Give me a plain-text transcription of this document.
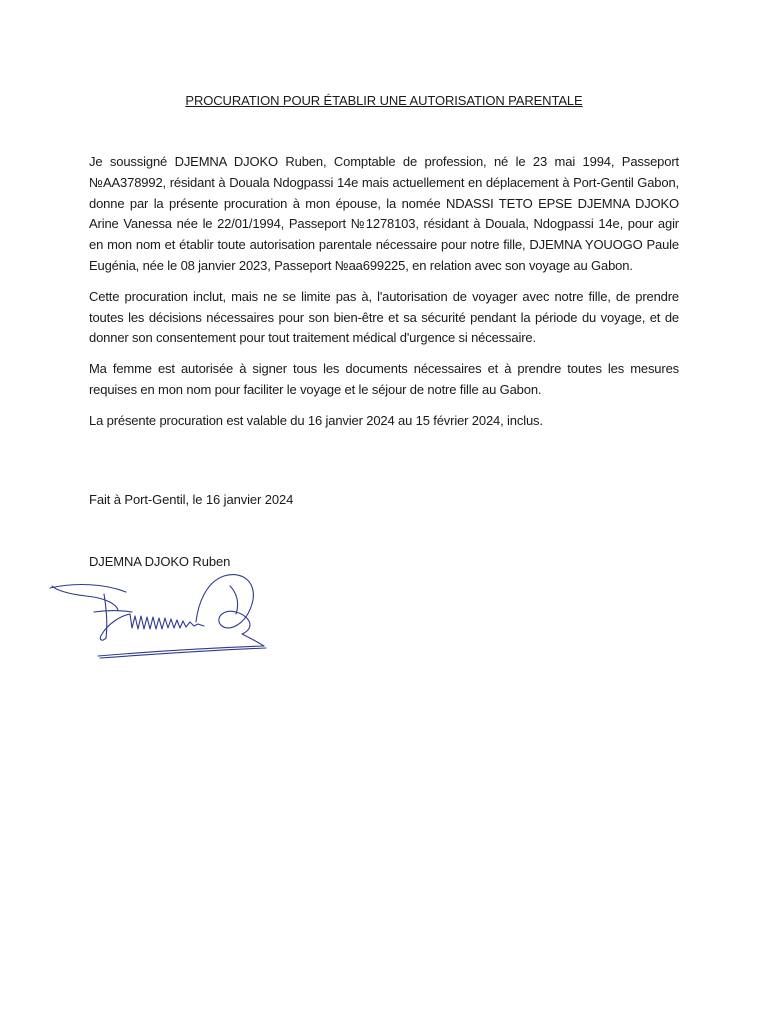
PROCURATION POUR ÉTABLIR UNE AUTORISATION PARENTALE

Je soussigné DJEMNA DJOKO Ruben, Comptable de profession, né le 23 mai 1994, Passeport №AA378992, résidant à Douala Ndogpassi 14e mais actuellement en déplacement à Port-Gentil Gabon, donne par la présente procuration à mon épouse, la nomée NDASSI TETO EPSE DJEMNA DJOKO Arine Vanessa née le 22/01/1994, Passeport №1278103, résidant à Douala, Ndogpassi 14e, pour agir en mon nom et établir toute autorisation parentale nécessaire pour notre fille, DJEMNA YOUOGO Paule Eugénia, née le 08 janvier 2023, Passeport №aa699225, en relation avec son voyage au Gabon.

Cette procuration inclut, mais ne se limite pas à, l'autorisation de voyager avec notre fille, de prendre toutes les décisions nécessaires pour son bien-être et sa sécurité pendant la période du voyage, et de donner son consentement pour tout traitement médical d'urgence si nécessaire.

Ma femme est autorisée à signer tous les documents nécessaires et à prendre toutes les mesures requises en mon nom pour faciliter le voyage et le séjour de notre fille au Gabon.

La présente procuration est valable du 16 janvier 2024 au 15 février 2024, inclus.

Fait à Port-Gentil, le 16 janvier 2024
DJEMNA DJOKO Ruben
